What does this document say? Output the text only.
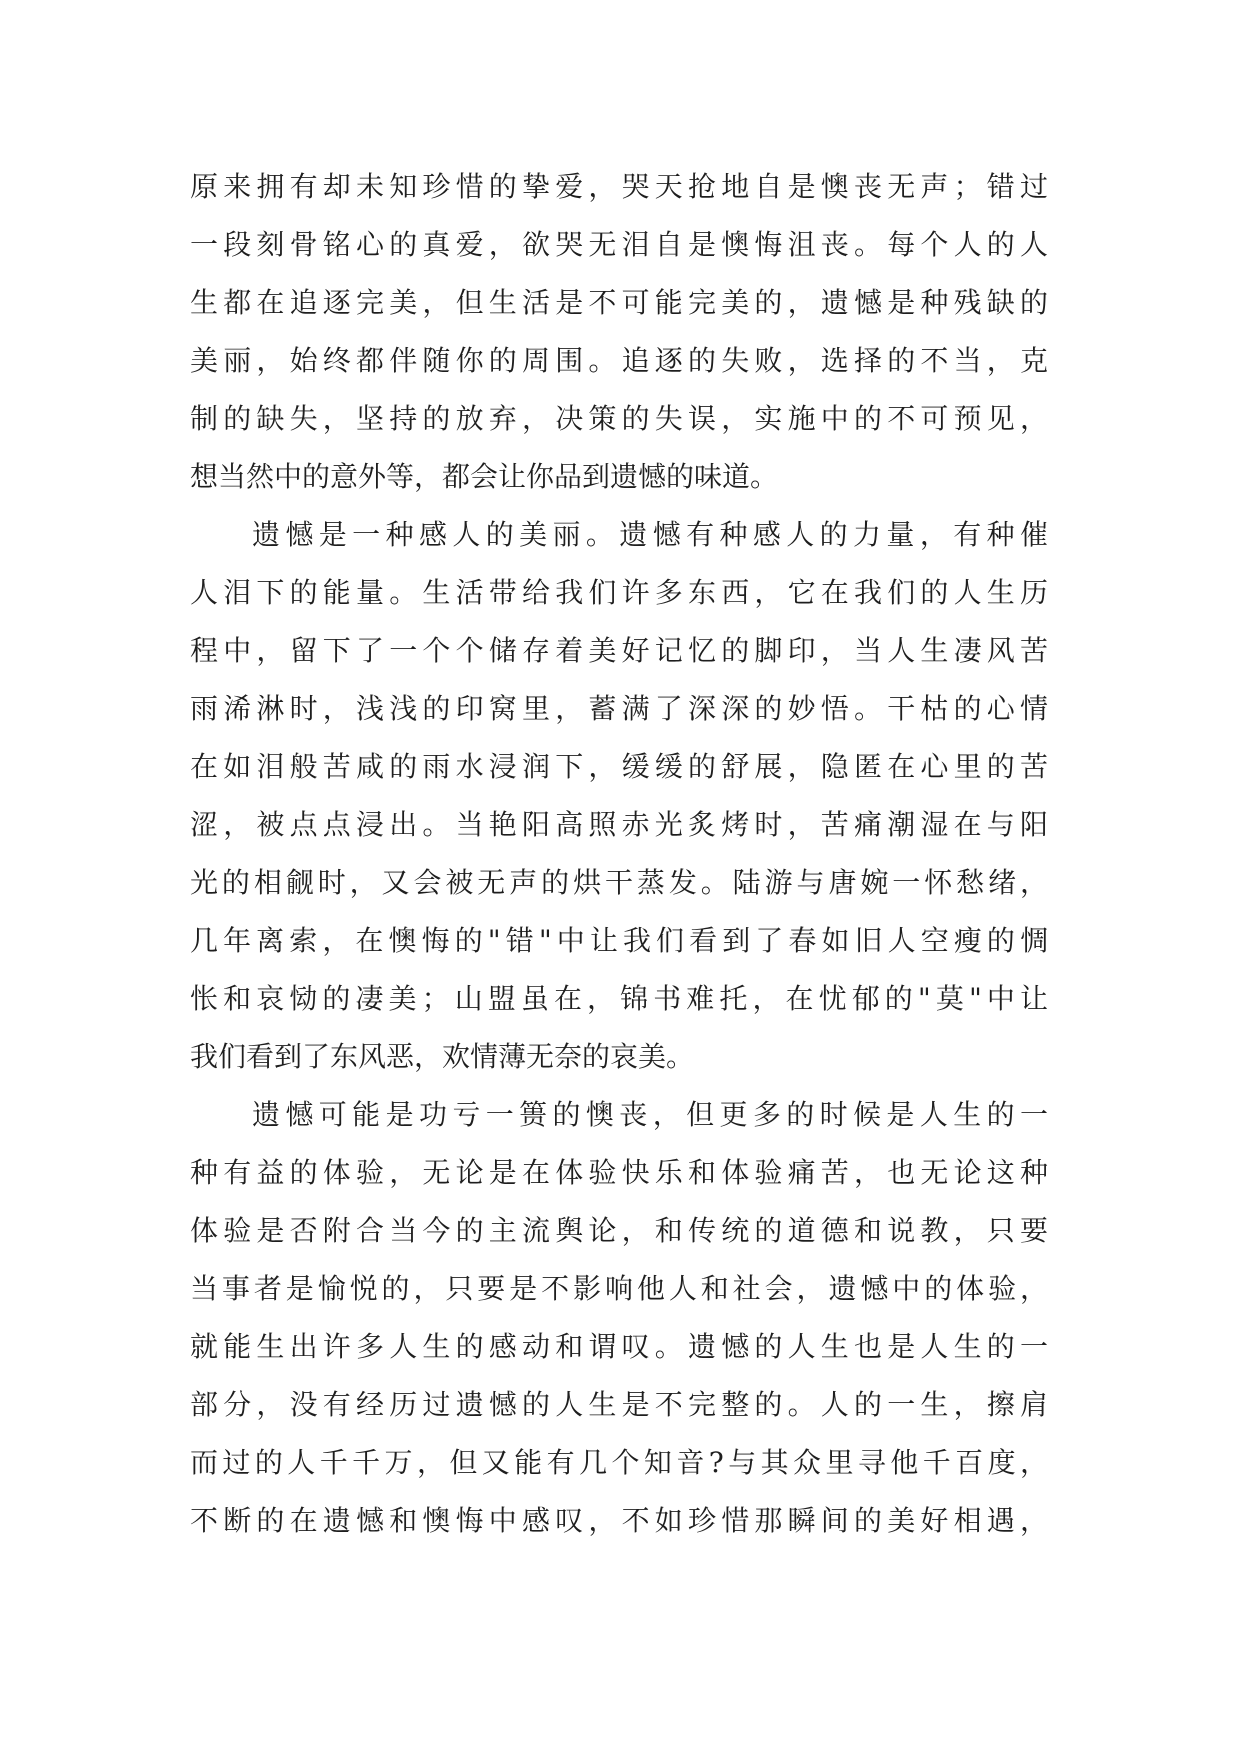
原来拥有却未知珍惜的挚爱，哭天抢地自是懊丧无声；错过
一段刻骨铭心的真爱，欲哭无泪自是懊悔沮丧。每个人的人
生都在追逐完美，但生活是不可能完美的，遗憾是种残缺的
美丽，始终都伴随你的周围。追逐的失败，选择的不当，克
制的缺失，坚持的放弃，决策的失误，实施中的不可预见，
想当然中的意外等，都会让你品到遗憾的味道。
遗憾是一种感人的美丽。遗憾有种感人的力量，有种催
人泪下的能量。生活带给我们许多东西，它在我们的人生历
程中，留下了一个个储存着美好记忆的脚印，当人生凄风苦
雨浠淋时，浅浅的印窝里，蓄满了深深的妙悟。干枯的心情
在如泪般苦咸的雨水浸润下，缓缓的舒展，隐匿在心里的苦
涩，被点点浸出。当艳阳高照赤光炙烤时，苦痛潮湿在与阳
光的相觎时，又会被无声的烘干蒸发。陆游与唐婉一怀愁绪，
几年离索，在懊悔的"错"中让我们看到了春如旧人空瘦的惆
怅和哀恸的凄美；山盟虽在，锦书难托，在忧郁的"莫"中让
我们看到了东风恶，欢情薄无奈的哀美。
遗憾可能是功亏一篑的懊丧，但更多的时候是人生的一
种有益的体验，无论是在体验快乐和体验痛苦，也无论这种
体验是否附合当今的主流舆论，和传统的道德和说教，只要
当事者是愉悦的，只要是不影响他人和社会，遗憾中的体验，
就能生出许多人生的感动和谓叹。遗憾的人生也是人生的一
部分，没有经历过遗憾的人生是不完整的。人的一生，擦肩
而过的人千千万，但又能有几个知音?与其众里寻他千百度，
不断的在遗憾和懊悔中感叹，不如珍惜那瞬间的美好相遇，
